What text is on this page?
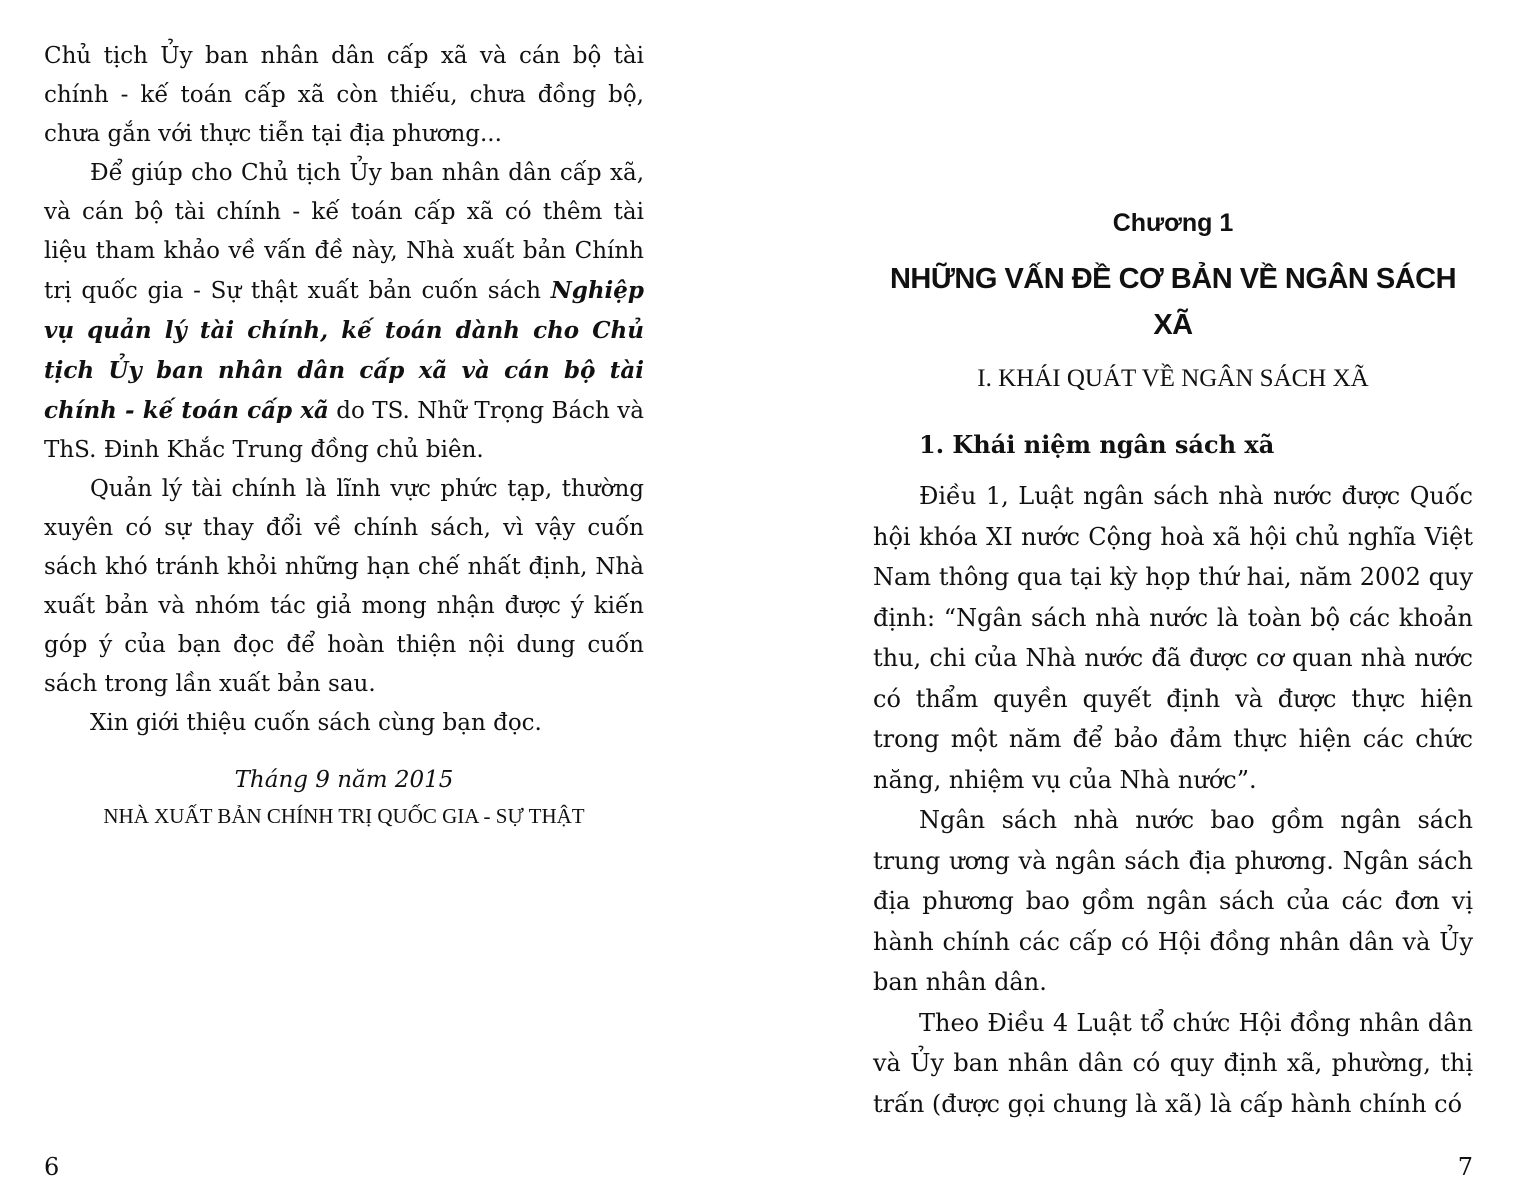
Chủ tịch Ủy ban nhân dân cấp xã và cán bộ tài chính - kế toán cấp xã còn thiếu, chưa đồng bộ, chưa gắn với thực tiễn tại địa phương...

Để giúp cho Chủ tịch Ủy ban nhân dân cấp xã, và cán bộ tài chính - kế toán cấp xã có thêm tài liệu tham khảo về vấn đề này, Nhà xuất bản Chính trị quốc gia - Sự thật xuất bản cuốn sách Nghiệp vụ quản lý tài chính, kế toán dành cho Chủ tịch Ủy ban nhân dân cấp xã và cán bộ tài chính - kế toán cấp xã do TS. Nhữ Trọng Bách và ThS. Đinh Khắc Trung đồng chủ biên.

Quản lý tài chính là lĩnh vực phức tạp, thường xuyên có sự thay đổi về chính sách, vì vậy cuốn sách khó tránh khỏi những hạn chế nhất định, Nhà xuất bản và nhóm tác giả mong nhận được ý kiến góp ý của bạn đọc để hoàn thiện nội dung cuốn sách trong lần xuất bản sau.

Xin giới thiệu cuốn sách cùng bạn đọc.

Tháng 9 năm 2015
NHÀ XUẤT BẢN CHÍNH TRỊ QUỐC GIA - SỰ THẬT
6
Chương 1
NHỮNG VẤN ĐỀ CƠ BẢN VỀ NGÂN SÁCH XÃ
I. KHÁI QUÁT VỀ NGÂN SÁCH XÃ
1. Khái niệm ngân sách xã

Điều 1, Luật ngân sách nhà nước được Quốc hội khóa XI nước Cộng hoà xã hội chủ nghĩa Việt Nam thông qua tại kỳ họp thứ hai, năm 2002 quy định: “Ngân sách nhà nước là toàn bộ các khoản thu, chi của Nhà nước đã được cơ quan nhà nước có thẩm quyền quyết định và được thực hiện trong một năm để bảo đảm thực hiện các chức năng, nhiệm vụ của Nhà nước”.

Ngân sách nhà nước bao gồm ngân sách trung ương và ngân sách địa phương. Ngân sách địa phương bao gồm ngân sách của các đơn vị hành chính các cấp có Hội đồng nhân dân và Ủy ban nhân dân.

Theo Điều 4 Luật tổ chức Hội đồng nhân dân và Ủy ban nhân dân có quy định xã, phường, thị trấn (được gọi chung là xã) là cấp hành chính có

7
